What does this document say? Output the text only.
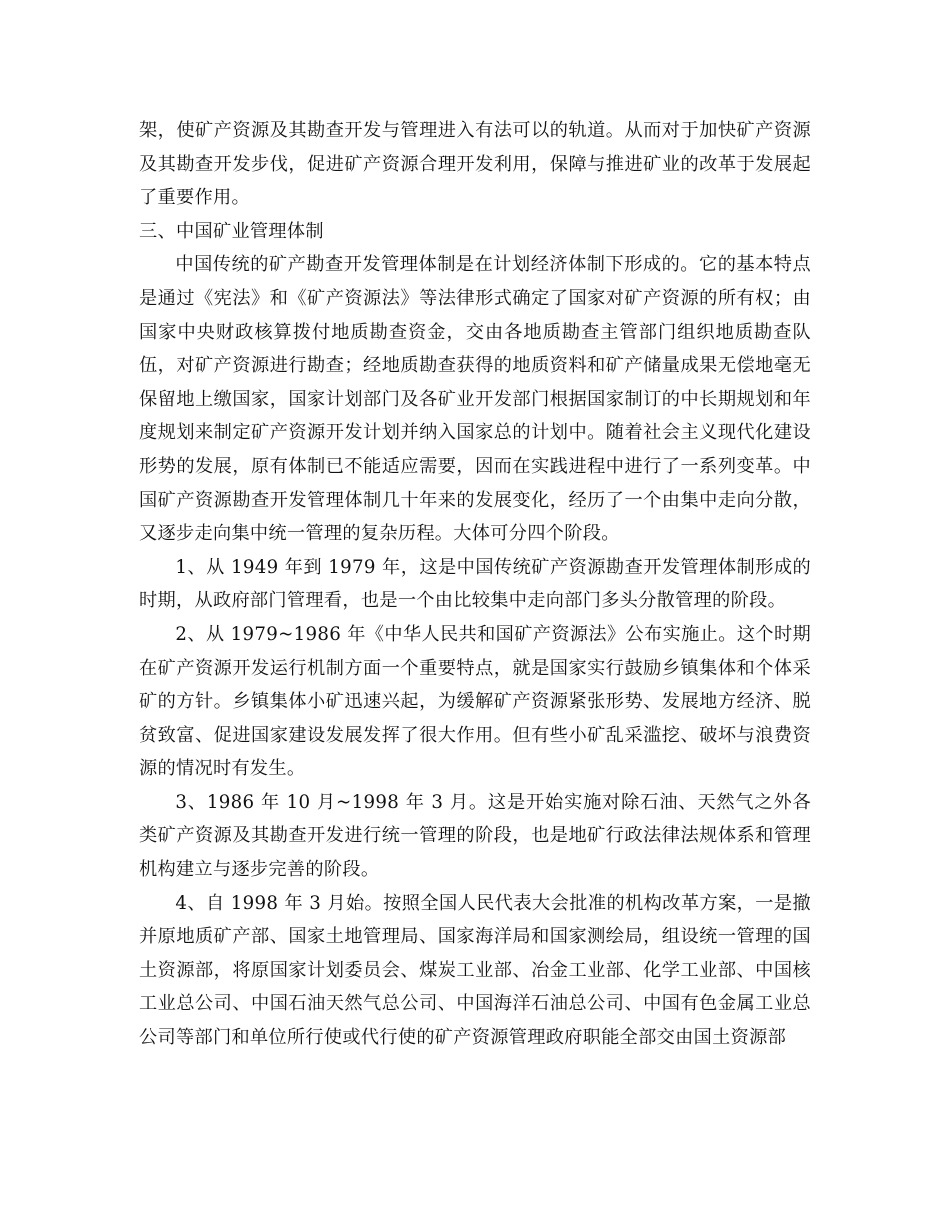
架，使矿产资源及其勘查开发与管理进入有法可以的轨道。从而对于加快矿产资源及其勘查开发步伐，促进矿产资源合理开发利用，保障与推进矿业的改革于发展起了重要作用。

三、中国矿业管理体制

中国传统的矿产勘查开发管理体制是在计划经济体制下形成的。它的基本特点是通过《宪法》和《矿产资源法》等法律形式确定了国家对矿产资源的所有权；由国家中央财政核算拨付地质勘查资金，交由各地质勘查主管部门组织地质勘查队伍，对矿产资源进行勘查；经地质勘查获得的地质资料和矿产储量成果无偿地毫无保留地上缴国家，国家计划部门及各矿业开发部门根据国家制订的中长期规划和年度规划来制定矿产资源开发计划并纳入国家总的计划中。随着社会主义现代化建设形势的发展，原有体制已不能适应需要，因而在实践进程中进行了一系列变革。中国矿产资源勘查开发管理体制几十年来的发展变化，经历了一个由集中走向分散，又逐步走向集中统一管理的复杂历程。大体可分四个阶段。

1、从 1949 年到 1979 年，这是中国传统矿产资源勘查开发管理体制形成的时期，从政府部门管理看，也是一个由比较集中走向部门多头分散管理的阶段。

2、从 1979~1986 年《中华人民共和国矿产资源法》公布实施止。这个时期在矿产资源开发运行机制方面一个重要特点，就是国家实行鼓励乡镇集体和个体采矿的方针。乡镇集体小矿迅速兴起，为缓解矿产资源紧张形势、发展地方经济、脱贫致富、促进国家建设发展发挥了很大作用。但有些小矿乱采滥挖、破坏与浪费资源的情况时有发生。

3、1986 年 10 月~1998 年 3 月。这是开始实施对除石油、天然气之外各类矿产资源及其勘查开发进行统一管理的阶段，也是地矿行政法律法规体系和管理机构建立与逐步完善的阶段。

4、自 1998 年 3 月始。按照全国人民代表大会批准的机构改革方案，一是撤并原地质矿产部、国家土地管理局、国家海洋局和国家测绘局，组设统一管理的国土资源部，将原国家计划委员会、煤炭工业部、冶金工业部、化学工业部、中国核工业总公司、中国石油天然气总公司、中国海洋石油总公司、中国有色金属工业总公司等部门和单位所行使或代行使的矿产资源管理政府职能全部交由国土资源部
